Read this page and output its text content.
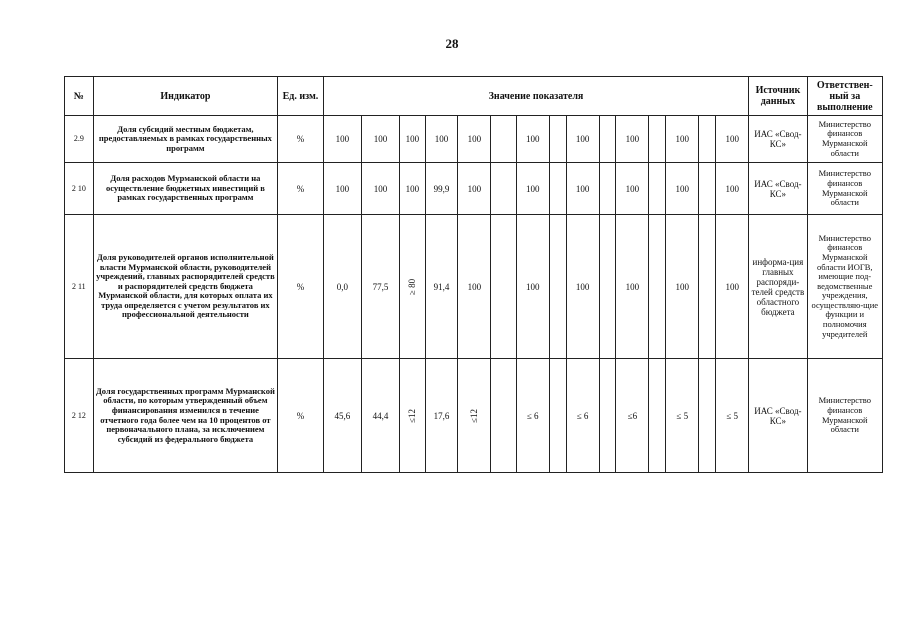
28
№	Индикатор	Ед. изм.	Значение показателя															Источник данных	Ответствен-ный за выполнение
2.9	Доля субсидий местным бюджетам, предоставляемых в рамках государственных программ	%	100	100	100	100	100		100		100		100		100		100	ИАС «Свод-КС»	Министерство финансов Мурманской области
2 10	Доля расходов Мурманской области на осуществление бюджетных инвестиций в рамках государственных программ	%	100	100	100	99,9	100		100		100		100		100		100	ИАС «Свод-КС»	Министерство финансов Мурманской области
2 11	Доля руководителей органов исполнительной власти Мурманской области, руководителей учреждений, главных распорядителей средств и распорядителей средств бюджета Мурманской области, для которых оплата их труда определяется с учетом результатов их профессиональной деятельности	%	0,0	77,5	≥ 80	91,4	100		100		100		100		100		100	информа-ция главных распоряди-телей средств областного бюджета	Министерство финансов Мурманской области ИОГВ, имеющие под-ведомственные учреждения, осуществляю-щие функции и полномочия учредителей
2 12	Доля государственных программ Мурманской области, по которым утвержденный объем финансирования изменился в течение отчетного года более чем на 10 процентов от первоначального плана, за исключением субсидий из федерального бюджета	%	45,6	44,4	≤12	17,6	≤12		≤ 6		≤ 6		≤6		≤ 5		≤ 5	ИАС «Свод-КС»	Министерство финансов Мурманской области
